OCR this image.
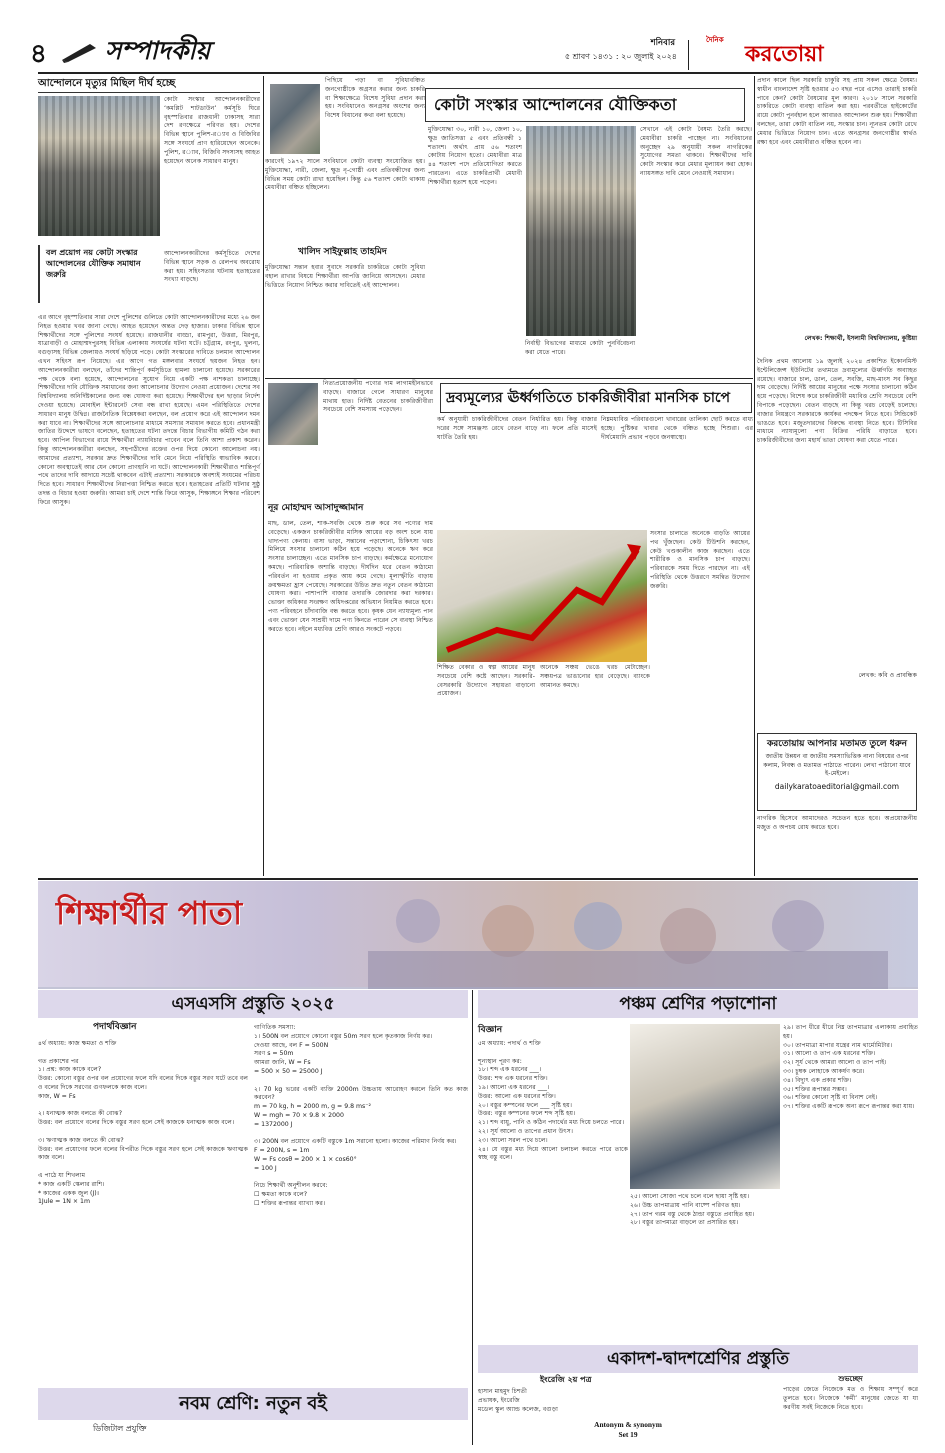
৪	সম্পাদকীয়	শনিবার
৫ শ্রাবণ ১৪৩১ : ২০ জুলাই ২০২৪
দৈনিক
করতোয়া
আন্দোলনে মৃত্যুর মিছিল দীর্ঘ হচ্ছে
কোটা সংস্কার আন্দোলনকারীদের ‘কমপ্লিট শাটডাউন’ কর্মসূচি ঘিরে বৃহস্পতিবার রাজধানী ঢাকাসহ সারা দেশ রণক্ষেত্রে পরিণত হয়। দেশের বিভিন্ন স্থানে পুলিশ-র‌্যাব ও বিজিবির সঙ্গে সংঘর্ষে প্রাণ হারিয়েছেন অনেকে। পুলিশ, র‌্যাব, বিজিবি সদস্যসহ আহত হয়েছেন অনেক সাধারণ মানুষ।
বল প্রয়োগ নয় কোটা সংস্কার আন্দোলনের যৌক্তিক সমাধান জরুরি
আন্দোলনকারীদের কর্মসূচিতে দেশের বিভিন্ন স্থানে সড়ক ও রেলপথ অবরোধ করা হয়। সহিংসতার ঘটনায় হতাহতের সংখ্যা বাড়ছে।
এর আগে বৃহস্পতিবার সারা দেশে পুলিশের গুলিতে কোটা আন্দোলনকারীদের মধ্যে ২৬ জন নিহত হওয়ার খবর জানা গেছে। আহত হয়েছেন অন্তত দেড় হাজার। ঢাকার বিভিন্ন স্থানে শিক্ষার্থীদের সঙ্গে পুলিশের সংঘর্ষ হয়েছে। রাজধানীর বাড্ডা, রামপুরা, উত্তরা, মিরপুর, যাত্রাবাড়ী ও মোহাম্মদপুরসহ বিভিন্ন এলাকায় সংঘর্ষের ঘটনা ঘটে। চট্টগ্রাম, রংপুর, খুলনা, বগুড়াসহ বিভিন্ন জেলায়ও সংঘর্ষ ছড়িয়ে পড়ে। কোটা সংস্কারের দাবিতে চলমান আন্দোলন এখন সহিংস রূপ নিয়েছে। এর আগে গত মঙ্গলবার সংঘর্ষে ছয়জন নিহত হন। আন্দোলনকারীরা বলছেন, তাঁদের শান্তিপূর্ণ কর্মসূচিতে হামলা চালানো হয়েছে। সরকারের পক্ষ থেকে বলা হয়েছে, আন্দোলনের সুযোগ নিয়ে একটি পক্ষ নাশকতা চালাচ্ছে। শিক্ষার্থীদের দাবি যৌক্তিক সমাধানের জন্য আলোচনার উদ্যোগ নেওয়া প্রয়োজন। দেশের সব বিশ্ববিদ্যালয় অনির্দিষ্টকালের জন্য বন্ধ ঘোষণা করা হয়েছে। শিক্ষার্থীদের হল ছাড়ার নির্দেশ দেওয়া হয়েছে। মোবাইল ইন্টারনেট সেবা বন্ধ রাখা হয়েছে। এমন পরিস্থিতিতে দেশের সাধারণ মানুষ উদ্বিগ্ন। রাজনৈতিক বিশ্লেষকরা বলছেন, বল প্রয়োগ করে এই আন্দোলন দমন করা যাবে না। শিক্ষার্থীদের সঙ্গে আলোচনার মাধ্যমে সমস্যার সমাধান করতে হবে। প্রধানমন্ত্রী জাতির উদ্দেশে ভাষণে বলেছেন, হতাহতের ঘটনা তদন্তে বিচার বিভাগীয় কমিটি গঠন করা হবে। আপিল বিভাগের রায়ে শিক্ষার্থীরা ন্যায়বিচার পাবেন বলে তিনি আশা প্রকাশ করেন। কিন্তু আন্দোলনকারীরা বলছেন, সহপাঠীদের রক্তের ওপর দিয়ে কোনো আলোচনা নয়। আমাদের প্রত্যাশা, সরকার দ্রুত শিক্ষার্থীদের দাবি মেনে নিয়ে পরিস্থিতি স্বাভাবিক করবে। কোনো অবস্থাতেই আর যেন কোনো প্রাণহানি না ঘটে। আন্দোলনকারী শিক্ষার্থীরাও শান্তিপূর্ণ পথে তাদের দাবি আদায়ে সচেষ্ট থাকবেন এটাই প্রত্যাশা। সরকারকে অবশ্যই সংযমের পরিচয় দিতে হবে। সাধারণ শিক্ষার্থীদের নিরাপত্তা নিশ্চিত করতে হবে। হতাহতের প্রতিটি ঘটনার সুষ্ঠু তদন্ত ও বিচার হওয়া জরুরি। আমরা চাই দেশে শান্তি ফিরে আসুক, শিক্ষাঙ্গনে শিক্ষার পরিবেশ ফিরে আসুক।
পিছিয়ে পড়া বা সুবিধাবঞ্চিত জনগোষ্ঠীকে অগ্রসর করার জন্য চাকরি বা শিক্ষাক্ষেত্রে বিশেষ সুবিধা প্রদান করা হয়। সংবিধানেও অনগ্রসর অংশের জন্য বিশেষ বিধানের কথা বলা হয়েছে।
কোটা সংস্কার আন্দোলনের যৌক্তিকতা
কারণেই ১৯৭২ সালে সংবিধানে কোটা ব্যবস্থা সংযোজিত হয়। মুক্তিযোদ্ধা, নারী, জেলা, ক্ষুদ্র নৃ-গোষ্ঠী এবং প্রতিবন্ধীদের জন্য বিভিন্ন সময় কোটা রাখা হয়েছিল। কিন্তু ৫৬ শতাংশ কোটা থাকায় মেধাবীরা বঞ্চিত হচ্ছিলেন।
খালিদ সাইফুল্লাহ তাহমিদ
মুক্তিযোদ্ধা সন্তান হবার সুবাদে সরকারি চাকরিতে কোটা সুবিধা বহাল রাখার বিষয়ে শিক্ষার্থীরা আপত্তি জানিয়ে আসছেন। মেধার ভিত্তিতে নিয়োগ নিশ্চিত করার দাবিতেই এই আন্দোলন।
মুক্তিযোদ্ধা ৩০, নারী ১০, জেলা ১০, ক্ষুদ্র জাতিসত্তা ৫ এবং প্রতিবন্ধী ১ শতাংশ। অর্থাৎ প্রায় ৫৬ শতাংশ কোটায় নিয়োগ হতো। মেধাবীরা মাত্র ৪৪ শতাংশ পদে প্রতিযোগিতা করতে পারতেন। এতে চাকরিপ্রার্থী মেধাবী শিক্ষার্থীরা হতাশ হয়ে পড়েন।
নির্বাহী বিভাগের মাধ্যমে কোটা পুনর্বিবেচনা করা যেতে পারে।
সেখানে এই কোটা বৈষম্য তৈরি করছে। মেধাবীরা চাকরি পাচ্ছেন না। সংবিধানের অনুচ্ছেদ ২৯ অনুযায়ী সকল নাগরিকের সুযোগের সমতা থাকবে। শিক্ষার্থীদের দাবি কোটা সংস্কার করে মেধার মূল্যায়ন করা হোক। ন্যায়সঙ্গত দাবি মেনে নেওয়াই সমাধান।
প্রদান কালে ছিল সরকারি চাকুরি সহ প্রায় সকল ক্ষেত্রে বৈষম্য। স্বাধীন বাংলাদেশ সৃষ্টি হওয়ার ৫৩ বছর পরে এসেও তারাই চাকরি পাবে কেন? কোটা বৈষম্যের মূল কারণ। ২০১৮ সালে সরকারি চাকরিতে কোটা ব্যবস্থা বাতিল করা হয়। পরবর্তীতে হাইকোর্টের রায়ে কোটা পুনর্বহাল হলে আবারও আন্দোলন শুরু হয়। শিক্ষার্থীরা বলছেন, তারা কোটা বাতিল নয়, সংস্কার চান। ন্যূনতম কোটা রেখে মেধার ভিত্তিতে নিয়োগ চান। এতে অনগ্রসর জনগোষ্ঠীর স্বার্থও রক্ষা হবে এবং মেধাবীরাও বঞ্চিত হবেন না।
লেখক: শিক্ষার্থী, ইসলামী বিশ্ববিদ্যালয়, কুষ্টিয়া
দৈনিক প্রথম আলোয় ১৯ জুলাই ২০২৪ প্রকাশিত ইকোনমিস্ট ইন্টেলিজেন্স ইউনিটের তথ্যমতে দ্রব্যমূল্যের ঊর্ধ্বগতি অব্যাহত রয়েছে। বাজারে চাল, ডাল, তেল, সবজি, মাছ-মাংস সব কিছুর দাম বেড়েছে। নির্দিষ্ট আয়ের মানুষের পক্ষে সংসার চালানো কঠিন হয়ে পড়েছে। বিশেষ করে চাকরিজীবী মধ্যবিত্ত শ্রেণি সবচেয়ে বেশি বিপাকে পড়েছেন। বেতন বাড়ছে না কিন্তু খরচ বেড়েই চলেছে। বাজার নিয়ন্ত্রণে সরকারকে কার্যকর পদক্ষেপ নিতে হবে। সিন্ডিকেট ভাঙতে হবে। মজুতদারদের বিরুদ্ধে ব্যবস্থা নিতে হবে। টিসিবির মাধ্যমে ন্যায্যমূল্যে পণ্য বিক্রির পরিধি বাড়াতে হবে। চাকরিজীবীদের জন্য মহার্ঘ ভাতা ঘোষণা করা যেতে পারে।
লেখক: কবি ও প্রাবন্ধিক
করতোয়ায় আপনার মতামত তুলে ধরুন
জাতীয় উন্নয়ন বা জাতীয় সমস্যাভিত্তিক নানা বিষয়ের ওপর কলাম, নিবন্ধ ও মতামত পাঠাতে পারেন। লেখা পাঠানো যাবে ই-মেইলে।
dailykaratoaeditorial@gmail.com
নিত্যপ্রয়োজনীয় পণ্যের দাম লাগামহীনভাবে বাড়ছে। বাজারে গেলে সাধারণ মানুষের মাথায় হাত। নির্দিষ্ট বেতনের চাকরিজীবীরা সবচেয়ে বেশি সমস্যায় পড়েছেন।
দ্রব্যমূল্যের ঊর্ধ্বগতিতে চাকরিজীবীরা মানসিক চাপে
নূর মোহাম্মদ আসাদুজ্জামান
মাছ, ডাল, তেল, শাক-সবজি থেকে শুরু করে সব পণ্যের দাম বেড়েছে। একজন চাকরিজীবীর মাসিক আয়ের বড় অংশ চলে যায় খাদ্যপণ্য কেনায়। বাসা ভাড়া, সন্তানের পড়াশোনা, চিকিৎসা খরচ মিলিয়ে সংসার চালানো কঠিন হয়ে পড়েছে। অনেকে ঋণ করে সংসার চালাচ্ছেন। এতে মানসিক চাপ বাড়ছে। কর্মক্ষেত্রে মনোযোগ কমছে। পারিবারিক অশান্তি বাড়ছে। দীর্ঘদিন ধরে বেতন কাঠামো পরিবর্তন না হওয়ায় প্রকৃত আয় কমে গেছে। মূল্যস্ফীতি বাড়ায় ক্রয়ক্ষমতা হ্রাস পেয়েছে। সরকারের উচিত দ্রুত নতুন বেতন কাঠামো ঘোষণা করা। পাশাপাশি বাজার তদারকি জোরদার করা দরকার। ভোক্তা অধিকার সংরক্ষণ অধিদপ্তরের অভিযান নিয়মিত করতে হবে। পণ্য পরিবহনে চাঁদাবাজি বন্ধ করতে হবে। কৃষক যেন ন্যায্যমূল্য পান এবং ভোক্তা যেন সাশ্রয়ী দামে পণ্য কিনতে পারেন সে ব্যবস্থা নিশ্চিত করতে হবে। নইলে মধ্যবিত্ত শ্রেণি আরও সংকটে পড়বে।
কর্ম অনুযায়ী চাকরিজীবীদের বেতন নির্ধারিত হয়। কিন্তু বাজার দরের সঙ্গে সামঞ্জস্য রেখে বেতন বাড়ে না। ফলে প্রতি মাসেই ঘাটতি তৈরি হয়।
নিম্নমধ্যবিত্ত পরিবারগুলো খাবারের তালিকা ছোট করতে বাধ্য হচ্ছে। পুষ্টিকর খাবার থেকে বঞ্চিত হচ্ছে শিশুরা। এর দীর্ঘমেয়াদি প্রভাব পড়বে জনস্বাস্থ্যে।
শিক্ষিত বেকার ও স্বল্প আয়ের মানুষ সবচেয়ে বেশি কষ্টে আছেন। সরকারি-বেসরকারি উদ্যোগে সহায়তা বাড়ানো প্রয়োজন।
অনেকে সঞ্চয় ভেঙে খরচ মেটাচ্ছেন। সঞ্চয়পত্র ভাঙানোর হার বেড়েছে। ব্যাংকে আমানত কমছে।
সংসার চালাতে অনেকে বাড়তি আয়ের পথ খুঁজছেন। কেউ টিউশনি করছেন, কেউ খণ্ডকালীন কাজ করছেন। এতে শারীরিক ও মানসিক চাপ বাড়ছে। পরিবারকে সময় দিতে পারছেন না। এই পরিস্থিতি থেকে উত্তরণে সমন্বিত উদ্যোগ জরুরি।
নাগরিক হিসেবে আমাদেরও সচেতন হতে হবে। অপ্রয়োজনীয় মজুত ও অপচয় রোধ করতে হবে।
শিক্ষার্থীর পাতা
এসএসসি প্রস্তুতি ২০২৫
পদার্থবিজ্ঞান
৪র্থ অধ্যায়: কাজ ক্ষমতা ও শক্তি

গত প্রকাশের পর
১। প্রশ্ন: কাজ কাকে বলে?
উত্তর: কোনো বস্তুর ওপর বল প্রয়োগের ফলে যদি বলের দিকে বস্তুর সরণ ঘটে তবে বল ও বলের দিকে সরণের গুণফলকে কাজ বলে।
কাজ, W = Fs

২। ধনাত্মক কাজ বলতে কী বোঝ?
উত্তর: বল প্রয়োগে বলের দিকে বস্তুর সরণ হলে সেই কাজকে ধনাত্মক কাজ বলে।

৩। ঋণাত্মক কাজ বলতে কী বোঝ?
উত্তর: বল প্রয়োগের ফলে বলের বিপরীত দিকে বস্তুর সরণ হলে সেই কাজকে ঋণাত্মক কাজ বলে।

এ পাঠে যা শিখলাম
* কাজ একটি স্কেলার রাশি।
* কাজের একক জুল (J)।
1Jule = 1N × 1m
গাণিতিক সমস্যা:
১। 500N বল প্রয়োগে কোনো বস্তুর 50m সরণ হলে কৃতকাজ নির্ণয় কর।
দেওয়া আছে, বল F = 500N
সরণ s = 50m
আমরা জানি, W = Fs
= 500 × 50 = 25000 J

২। 70 kg ভরের একটি ব্যক্তি 2000m উচ্চতায় আরোহণ করলে তিনি কত কাজ করবেন?
m = 70 kg, h = 2000 m, g = 9.8 ms⁻²
W = mgh = 70 × 9.8 × 2000
= 1372000 J

৩। 200N বল প্রয়োগে একটি বস্তুকে 1m সরানো হলো। কাজের পরিমাণ নির্ণয় কর।
F = 200N, s = 1m
W = Fs cosθ = 200 × 1 × cos60°
= 100 J

নিচে শিক্ষার্থী অনুশীলন করবে:
☐ ক্ষমতা কাকে বলে?
☐ শক্তির রূপান্তর ব্যাখ্যা কর।
পঞ্চম শ্রেণির পড়াশোনা
বিজ্ঞান
৫ম অধ্যায়: পদার্থ ও শক্তি

শূন্যস্থান পূরণ কর:
১৮। শব্দ এক ধরনের ___।
উত্তর: শব্দ এক ধরনের শক্তি।
১৯। আলো এক ধরনের ___।
উত্তর: আলো এক ধরনের শক্তি।
২০। বস্তুর কম্পনের ফলে ___ সৃষ্টি হয়।
উত্তর: বস্তুর কম্পনের ফলে শব্দ সৃষ্টি হয়।
২১। শব্দ বায়ু, পানি ও কঠিন পদার্থের মধ্য দিয়ে চলতে পারে।
২২। সূর্য আলো ও তাপের প্রধান উৎস।
২৩। আলো সরল পথে চলে।
২৪। যে বস্তুর মধ্য দিয়ে আলো চলাচল করতে পারে তাকে স্বচ্ছ বস্তু বলে।
২৫। আলো সোজা পথে চলে বলে ছায়া সৃষ্টি হয়।
২৬। উচ্চ তাপমাত্রায় পানি বাষ্পে পরিণত হয়।
২৭। তাপ গরম বস্তু থেকে ঠান্ডা বস্তুতে প্রবাহিত হয়।
২৮। বস্তুর তাপমাত্রা বাড়লে তা প্রসারিত হয়।
২৯। তাপ ধীরে ধীরে নিম্ন তাপমাত্রার এলাকায় প্রবাহিত হয়।
৩০। তাপমাত্রা মাপার যন্ত্রের নাম থার্মোমিটার।
৩১। আলো ও তাপ এক ধরনের শক্তি।
৩২। সূর্য থেকে আমরা আলো ও তাপ পাই।
৩৩। চুম্বক লোহাকে আকর্ষণ করে।
৩৪। বিদ্যুৎ এক প্রকার শক্তি।
৩৫। শক্তির রূপান্তর সম্ভব।
৩৬। শক্তির কোনো সৃষ্টি বা বিনাশ নেই।
৩৭। শক্তির একটি রূপকে অন্য রূপে রূপান্তর করা যায়।
একাদশ-দ্বাদশশ্রেণির প্রস্তুতি
ইংরেজি ২য় পত্র
হাসান মাহমুদ চিশতী
প্রভাষক, ইংরেজি
মডেল স্কুল অ্যান্ড কলেজ, বগুড়া
শুভচ্ছেদ
পাড়ের জেতে নিজেকে মত ও শিক্ষায় সম্পূর্ণ করে তুলতে হবে। নিজেকে ‘কর্মী’ মানুষের জেতে যা যা করণীয় সবই নিজেকে নিতে হবে।
নবম শ্রেণি: নতুন বই
ডিজিটাল প্রযুক্তি	Antonym & synonym
Set 19
